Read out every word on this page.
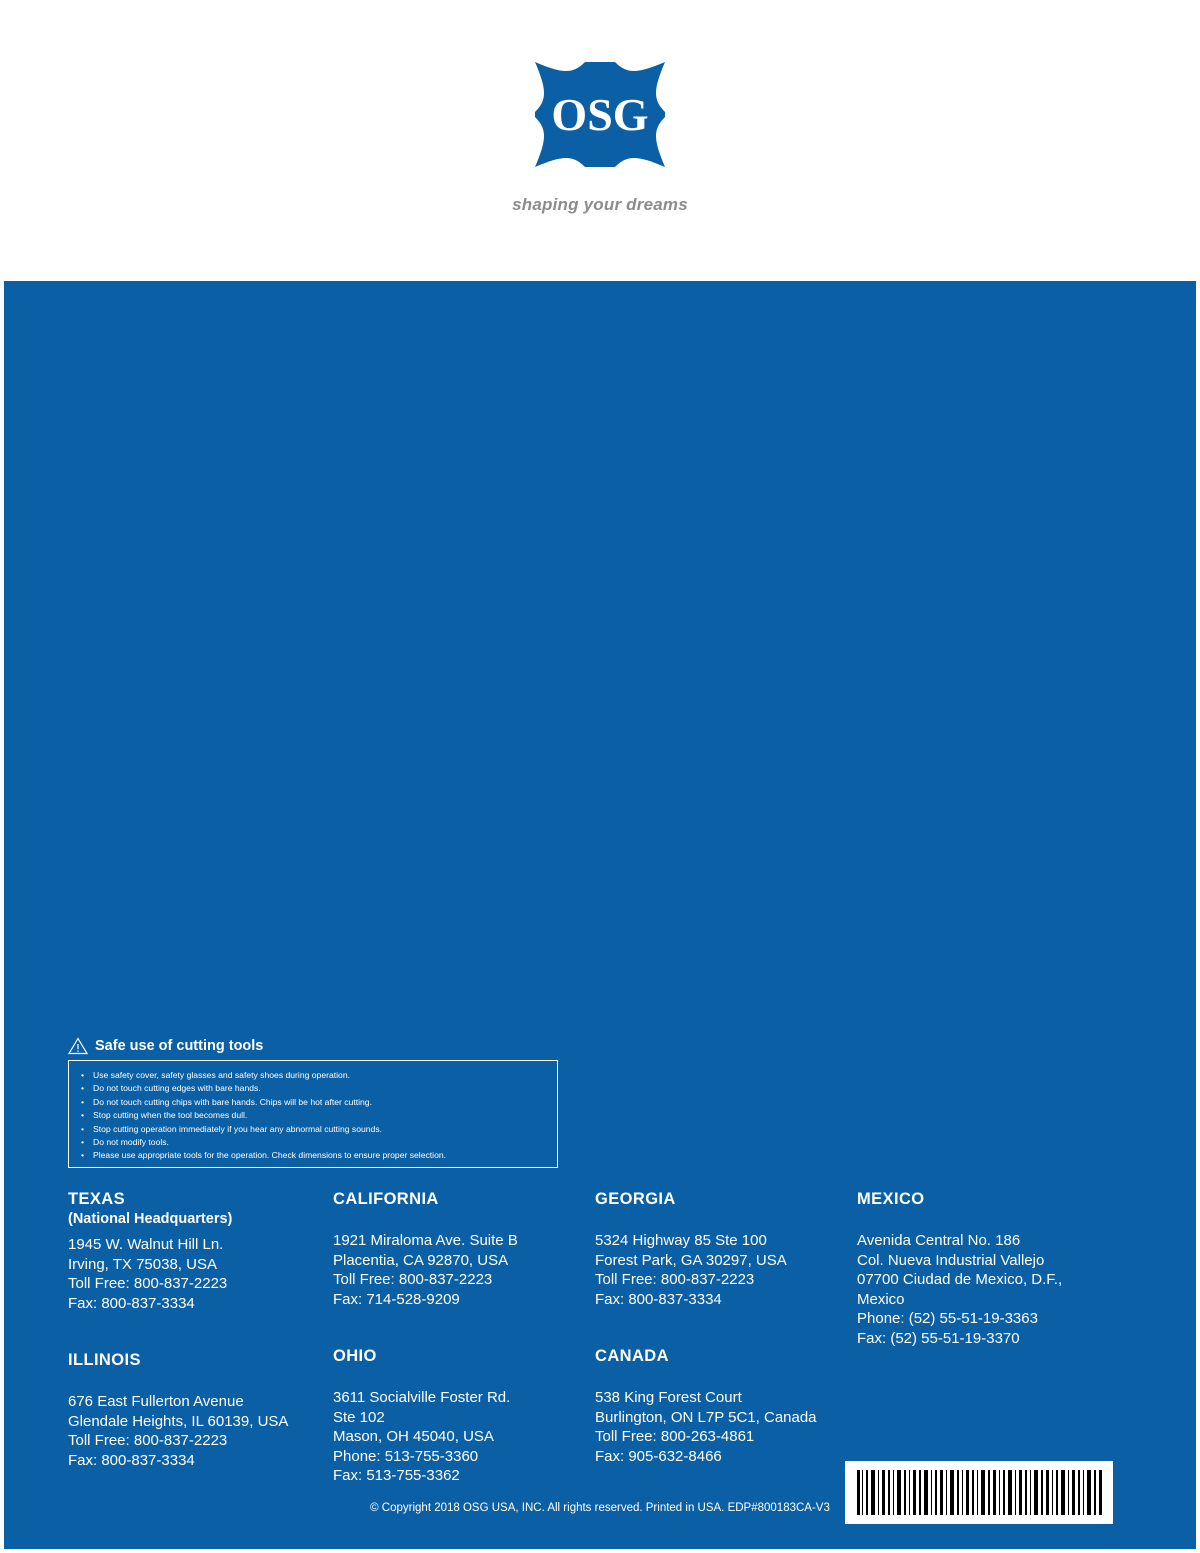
OSG
shaping your dreams
Safe use of cutting tools
• Use safety cover, safety glasses and safety shoes during operation.
• Do not touch cutting edges with bare hands.
• Do not touch cutting chips with bare hands. Chips will be hot after cutting.
• Stop cutting when the tool becomes dull.
• Stop cutting operation immediately if you hear any abnormal cutting sounds.
• Do not modify tools.
• Please use appropriate tools for the operation. Check dimensions to ensure proper selection.
TEXAS
(National Headquarters)
1945 W. Walnut Hill Ln.
Irving, TX 75038, USA
Toll Free: 800-837-2223
Fax: 800-837-3334
ILLINOIS
676 East Fullerton Avenue
Glendale Heights, IL 60139, USA
Toll Free: 800-837-2223
Fax: 800-837-3334
CALIFORNIA
1921 Miraloma Ave. Suite B
Placentia, CA 92870, USA
Toll Free: 800-837-2223
Fax: 714-528-9209
OHIO
3611 Socialville Foster Rd.
Ste 102
Mason, OH 45040, USA
Phone: 513-755-3360
Fax: 513-755-3362
GEORGIA
5324 Highway 85 Ste 100
Forest Park, GA 30297, USA
Toll Free: 800-837-2223
Fax: 800-837-3334
CANADA
538 King Forest Court
Burlington, ON L7P 5C1, Canada
Toll Free: 800-263-4861
Fax: 905-632-8466
MEXICO
Avenida Central No. 186
Col. Nueva Industrial Vallejo
07700 Ciudad de Mexico, D.F.,
Mexico
Phone: (52) 55-51-19-3363
Fax: (52) 55-51-19-3370
© Copyright 2018 OSG USA, INC. All rights reserved. Printed in USA. EDP#800183CA-V3
